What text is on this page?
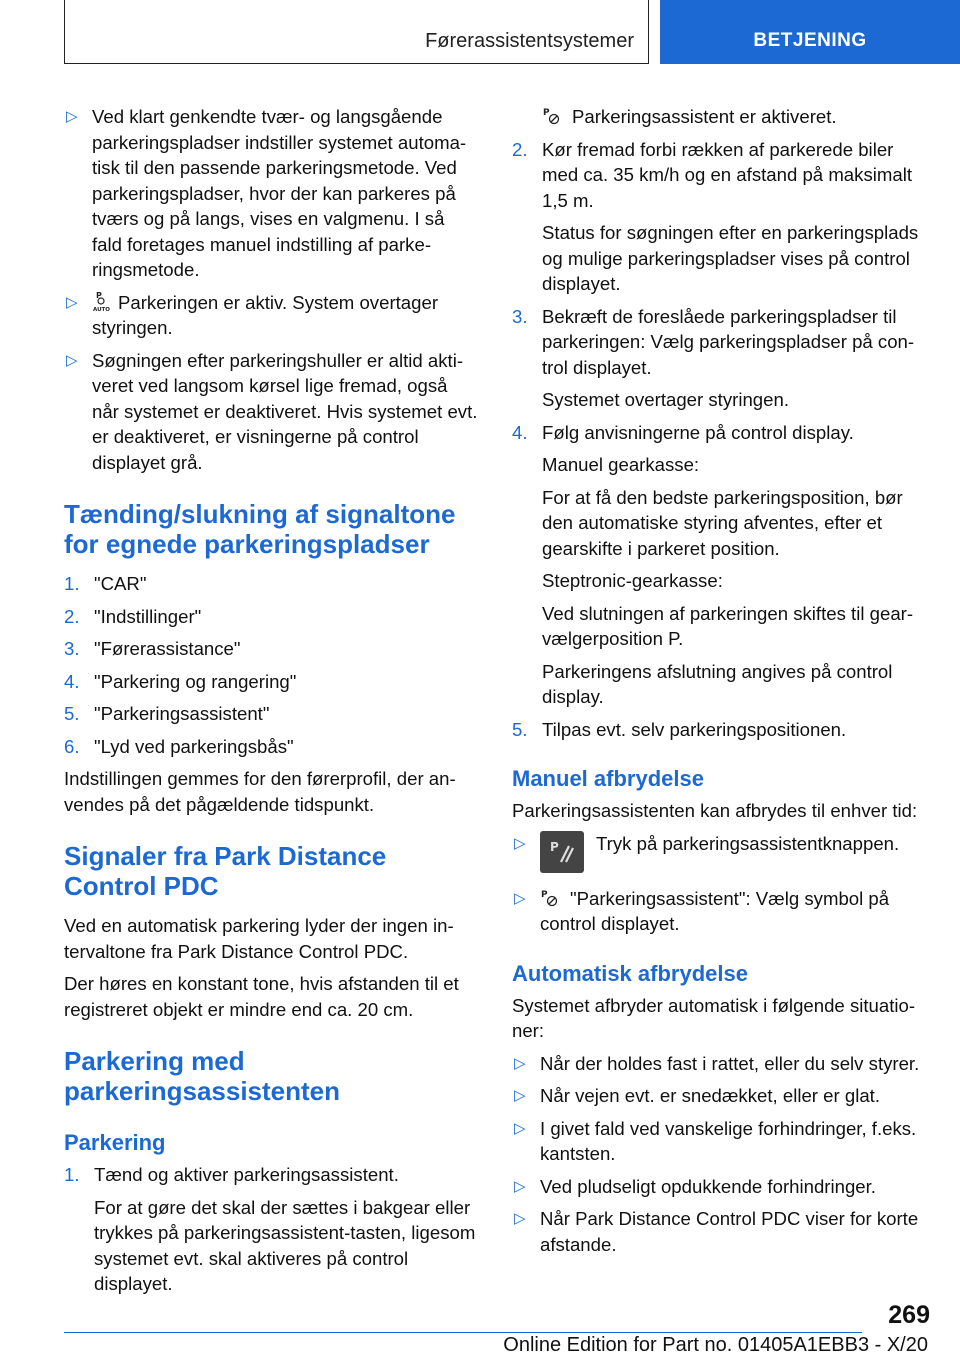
Førerassistentsystemer	BETJENING
▷ Ved klart genkendte tvær- og langsgående parkeringspladser indstiller systemet automatisk til den passende parkeringsmetode. Ved parkeringspladser, hvor der kan parkeres på tværs og på langs, vises en valgmenu. I så fald foretages manuel indstilling af parkeringsmetode.
▷ P
AUTO Parkeringen er aktiv. System overtager styringen.
▷ Søgningen efter parkeringshuller er altid aktiveret ved langsom kørsel lige fremad, også når systemet er deaktiveret. Hvis systemet evt. er deaktiveret, er visningerne på control displayet grå.
Tænding/slukning af signaltone for egnede parkeringspladser
1. "CAR"
2. "Indstillinger"
3. "Førerassistance"
4. "Parkering og rangering"
5. "Parkeringsassistent"
6. "Lyd ved parkeringsbås"

Indstillingen gemmes for den førerprofil, der anvendes på det pågældende tidspunkt.

Signaler fra Park Distance Control PDC

Ved en automatisk parkering lyder der ingen intervaltone fra Park Distance Control PDC.

Der høres en konstant tone, hvis afstanden til et registreret objekt er mindre end ca. 20 cm.

Parkering med parkeringsassistenten
Parkering
1. Tænd og aktiver parkeringsassistent.

For at gøre det skal der sættes i bakgear eller trykkes på parkeringsassistent-tasten, ligesom systemet evt. skal aktiveres på control displayet.

P Parkeringsassistent er aktiveret.

2. Kør fremad forbi rækken af parkerede biler med ca. 35 km/h og en afstand på maksimalt 1,5 m.

Status for søgningen efter en parkeringsplads og mulige parkeringspladser vises på control displayet.

3. Bekræft de foreslåede parkeringspladser til parkeringen: Vælg parkeringspladser på control displayet.

Systemet overtager styringen.

4. Følg anvisningerne på control display.

Manuel gearkasse:

For at få den bedste parkeringsposition, bør den automatiske styring afventes, efter et gearskifte i parkeret position.

Steptronic-gearkasse:

Ved slutningen af parkeringen skiftes til gearvælgerposition P.

Parkeringens afslutning angives på control display.

5. Tilpas evt. selv parkeringspositionen.
Manuel afbrydelse

Parkeringsassistenten kan afbrydes til enhver tid:

▷ P Tryk på parkeringsassistentknappen.
▷ P "Parkeringsassistent": Vælg symbol på control displayet.
Automatisk afbrydelse

Systemet afbryder automatisk i følgende situationer:

▷ Når der holdes fast i rattet, eller du selv styrer.
▷ Når vejen evt. er snedækket, eller er glat.
▷ I givet fald ved vanskelige forhindringer, f.eks. kantsten.
▷ Ved pludseligt opdukkende forhindringer.
▷ Når Park Distance Control PDC viser for korte afstande.
269
Online Edition for Part no. 01405A1EBB3 - X/20
